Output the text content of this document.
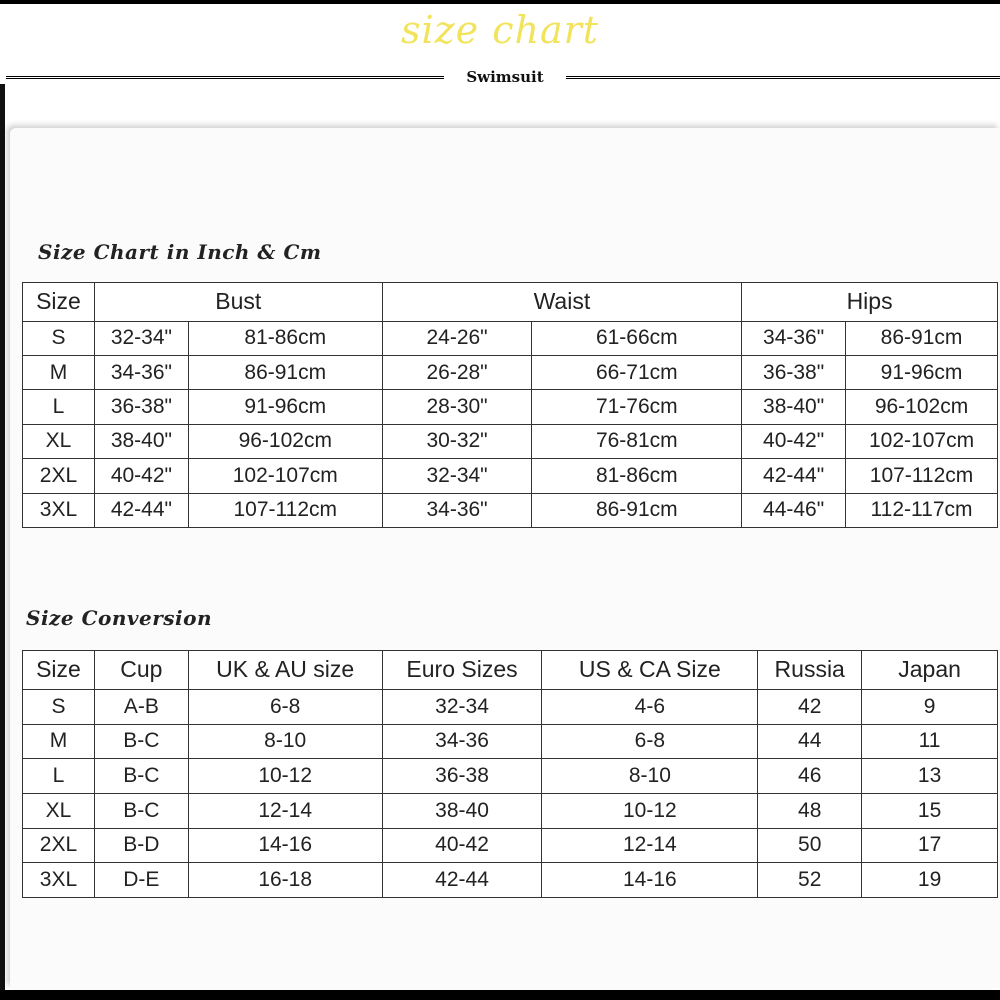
size chart
Swimsuit
Size Chart in Inch & Cm
Size	Bust		Waist		Hips	
S	32-34"	81-86cm	24-26"	61-66cm	34-36"	86-91cm
M	34-36"	86-91cm	26-28"	66-71cm	36-38"	91-96cm
L	36-38"	91-96cm	28-30"	71-76cm	38-40"	96-102cm
XL	38-40"	96-102cm	30-32"	76-81cm	40-42"	102-107cm
2XL	40-42"	102-107cm	32-34"	81-86cm	42-44"	107-112cm
3XL	42-44"	107-112cm	34-36"	86-91cm	44-46"	112-117cm
Size Conversion
Size	Cup	UK & AU size	Euro Sizes	US & CA Size	Russia	Japan
S	A-B	6-8	32-34	4-6	42	9
M	B-C	8-10	34-36	6-8	44	11
L	B-C	10-12	36-38	8-10	46	13
XL	B-C	12-14	38-40	10-12	48	15
2XL	B-D	14-16	40-42	12-14	50	17
3XL	D-E	16-18	42-44	14-16	52	19
